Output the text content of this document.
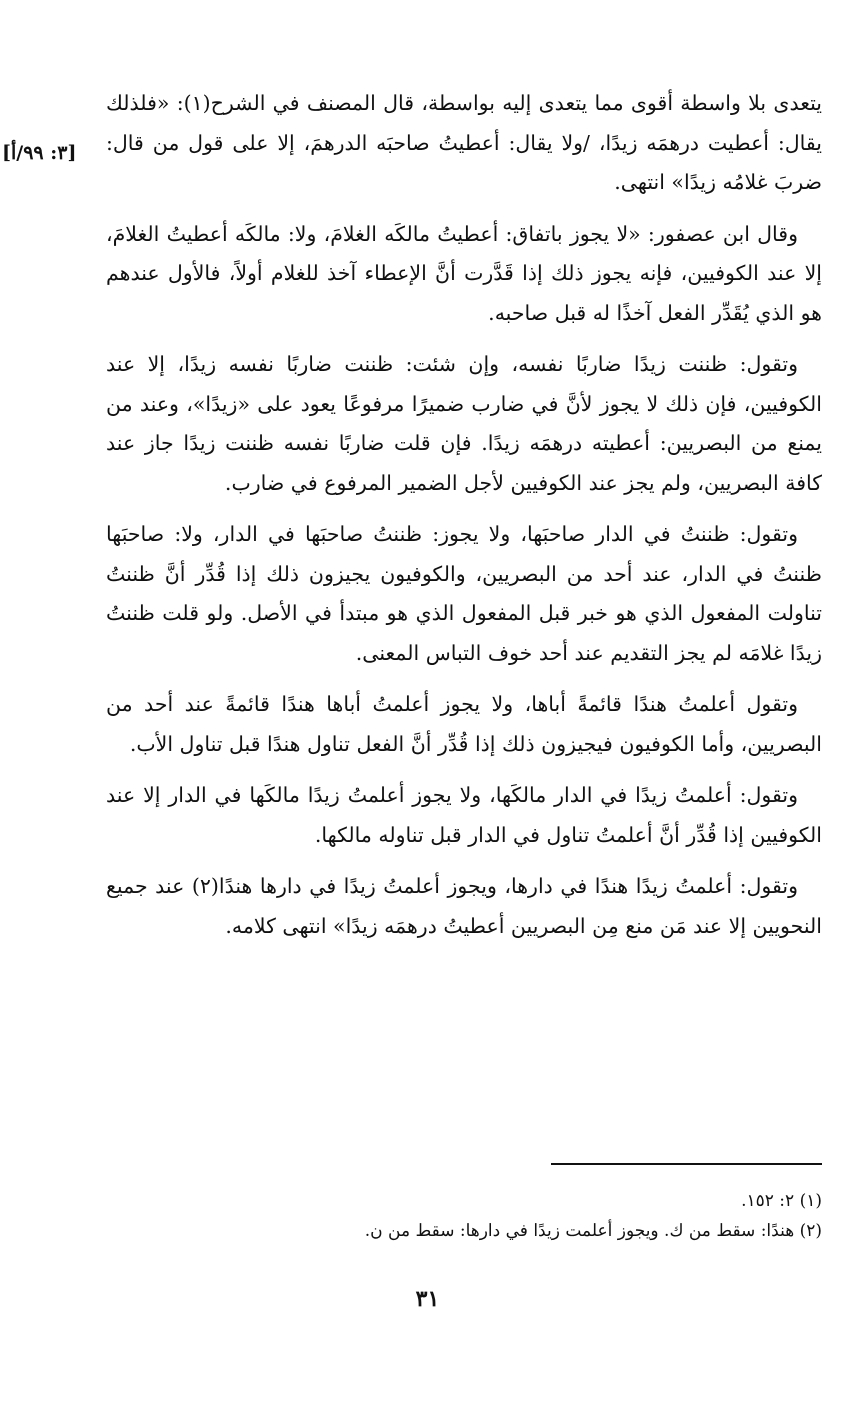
[٣: ٩٩/أ]

يتعدى بلا واسطة أقوى مما يتعدى إليه بواسطة، قال المصنف في الشرح(١): «فلذلك يقال: أعطيت درهمَه زيدًا، /ولا يقال: أعطيتُ صاحبَه الدرهمَ، إلا على قول من قال: ضربَ غلامُه زيدًا» انتهى.

وقال ابن عصفور: «لا يجوز باتفاق: أعطيتُ مالكَه الغلامَ، ولا: مالكَه أعطيتُ الغلامَ، إلا عند الكوفيين، فإنه يجوز ذلك إذا قَدَّرت أنَّ الإعطاء آخذ للغلام أولاً، فالأول عندهم هو الذي يُقَدِّر الفعل آخذًا له قبل صاحبه.

وتقول: ظننت زيدًا ضاربًا نفسه، وإن شئت: ظننت ضاربًا نفسه زيدًا، إلا عند الكوفيين، فإن ذلك لا يجوز لأنَّ في ضارب ضميرًا مرفوعًا يعود على «زيدًا»، وعند من يمنع من البصريين: أعطيته درهمَه زيدًا. فإن قلت ضاربًا نفسه ظننت زيدًا جاز عند كافة البصريين، ولم يجز عند الكوفيين لأجل الضمير المرفوع في ضارب.

وتقول: ظننتُ في الدار صاحبَها، ولا يجوز: ظننتُ صاحبَها في الدار، ولا: صاحبَها ظننتُ في الدار، عند أحد من البصريين، والكوفيون يجيزون ذلك إذا قُدِّر أنَّ ظننتُ تناولت المفعول الذي هو خبر قبل المفعول الذي هو مبتدأ في الأصل. ولو قلت ظننتُ زيدًا غلامَه لم يجز التقديم عند أحد خوف التباس المعنى.

وتقول أعلمتُ هندًا قائمةً أباها، ولا يجوز أعلمتُ أباها هندًا قائمةً عند أحد من البصريين، وأما الكوفيون فيجيزون ذلك إذا قُدِّر أنَّ الفعل تناول هندًا قبل تناول الأب.

وتقول: أعلمتُ زيدًا في الدار مالكَها، ولا يجوز أعلمتُ زيدًا مالكَها في الدار إلا عند الكوفيين إذا قُدِّر أنَّ أعلمتُ تناول في الدار قبل تناوله مالكها.

وتقول: أعلمتُ زيدًا هندًا في دارها، ويجوز أعلمتُ زيدًا في دارها هندًا(٢) عند جميع النحويين إلا عند مَن منع مِن البصريين أعطيتُ درهمَه زيدًا» انتهى كلامه.

(١) ٢: ١٥٢.
(٢) هندًا: سقط من ك. ويجوز أعلمت زيدًا في دارها: سقط من ن.
٣١
